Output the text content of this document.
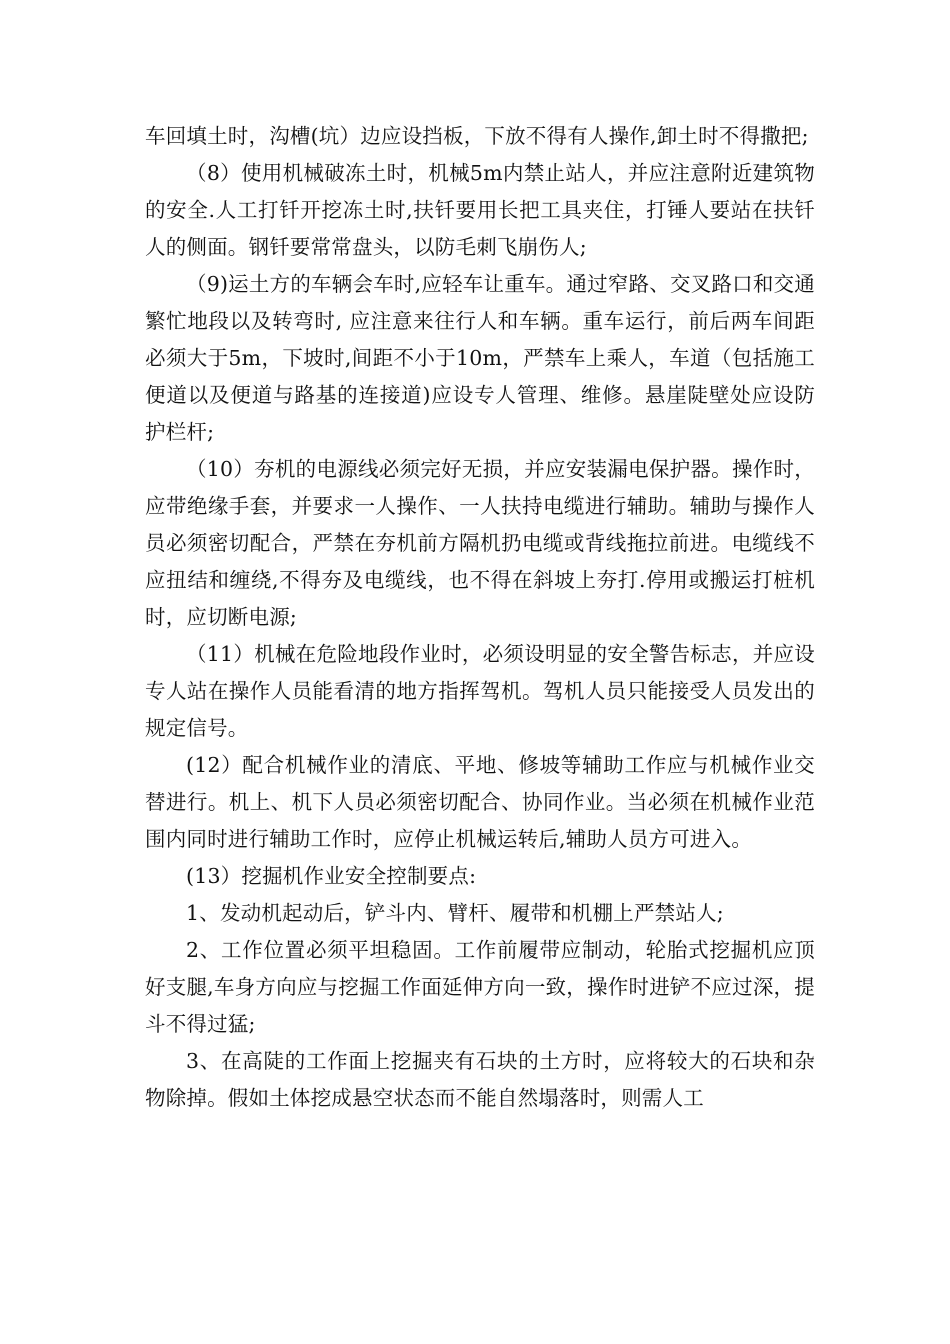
车回填土时，沟槽(坑）边应设挡板，下放不得有人操作,卸土时不得撒把;

（8）使用机械破冻土时，机械5m内禁止站人，并应注意附近建筑物的安全.人工打钎开挖冻土时,扶钎要用长把工具夹住，打锤人要站在扶钎人的侧面。钢钎要常常盘头，以防毛刺飞崩伤人;

（9)运土方的车辆会车时,应轻车让重车。通过窄路、交叉路口和交通繁忙地段以及转弯时, 应注意来往行人和车辆。重车运行，前后两车间距必须大于5m，下坡时,间距不小于10m，严禁车上乘人，车道（包括施工便道以及便道与路基的连接道)应设专人管理、维修。悬崖陡壁处应设防护栏杆;

（10）夯机的电源线必须完好无损，并应安装漏电保护器。操作时，应带绝缘手套，并要求一人操作、一人扶持电缆进行辅助。辅助与操作人员必须密切配合，严禁在夯机前方隔机扔电缆或背线拖拉前进。电缆线不应扭结和缠绕,不得夯及电缆线，也不得在斜坡上夯打.停用或搬运打桩机时，应切断电源;

（11）机械在危险地段作业时，必须设明显的安全警告标志，并应设专人站在操作人员能看清的地方指挥驾机。驾机人员只能接受人员发出的规定信号。

(12）配合机械作业的清底、平地、修坡等辅助工作应与机械作业交替进行。机上、机下人员必须密切配合、协同作业。当必须在机械作业范围内同时进行辅助工作时，应停止机械运转后,辅助人员方可进入。

(13）挖掘机作业安全控制要点:

1、发动机起动后，铲斗内、臂杆、履带和机棚上严禁站人;

2、工作位置必须平坦稳固。工作前履带应制动，轮胎式挖掘机应顶好支腿,车身方向应与挖掘工作面延伸方向一致，操作时进铲不应过深，提斗不得过猛;

3、在高陡的工作面上挖掘夹有石块的土方时，应将较大的石块和杂物除掉。假如土体挖成悬空状态而不能自然塌落时，则需人工
